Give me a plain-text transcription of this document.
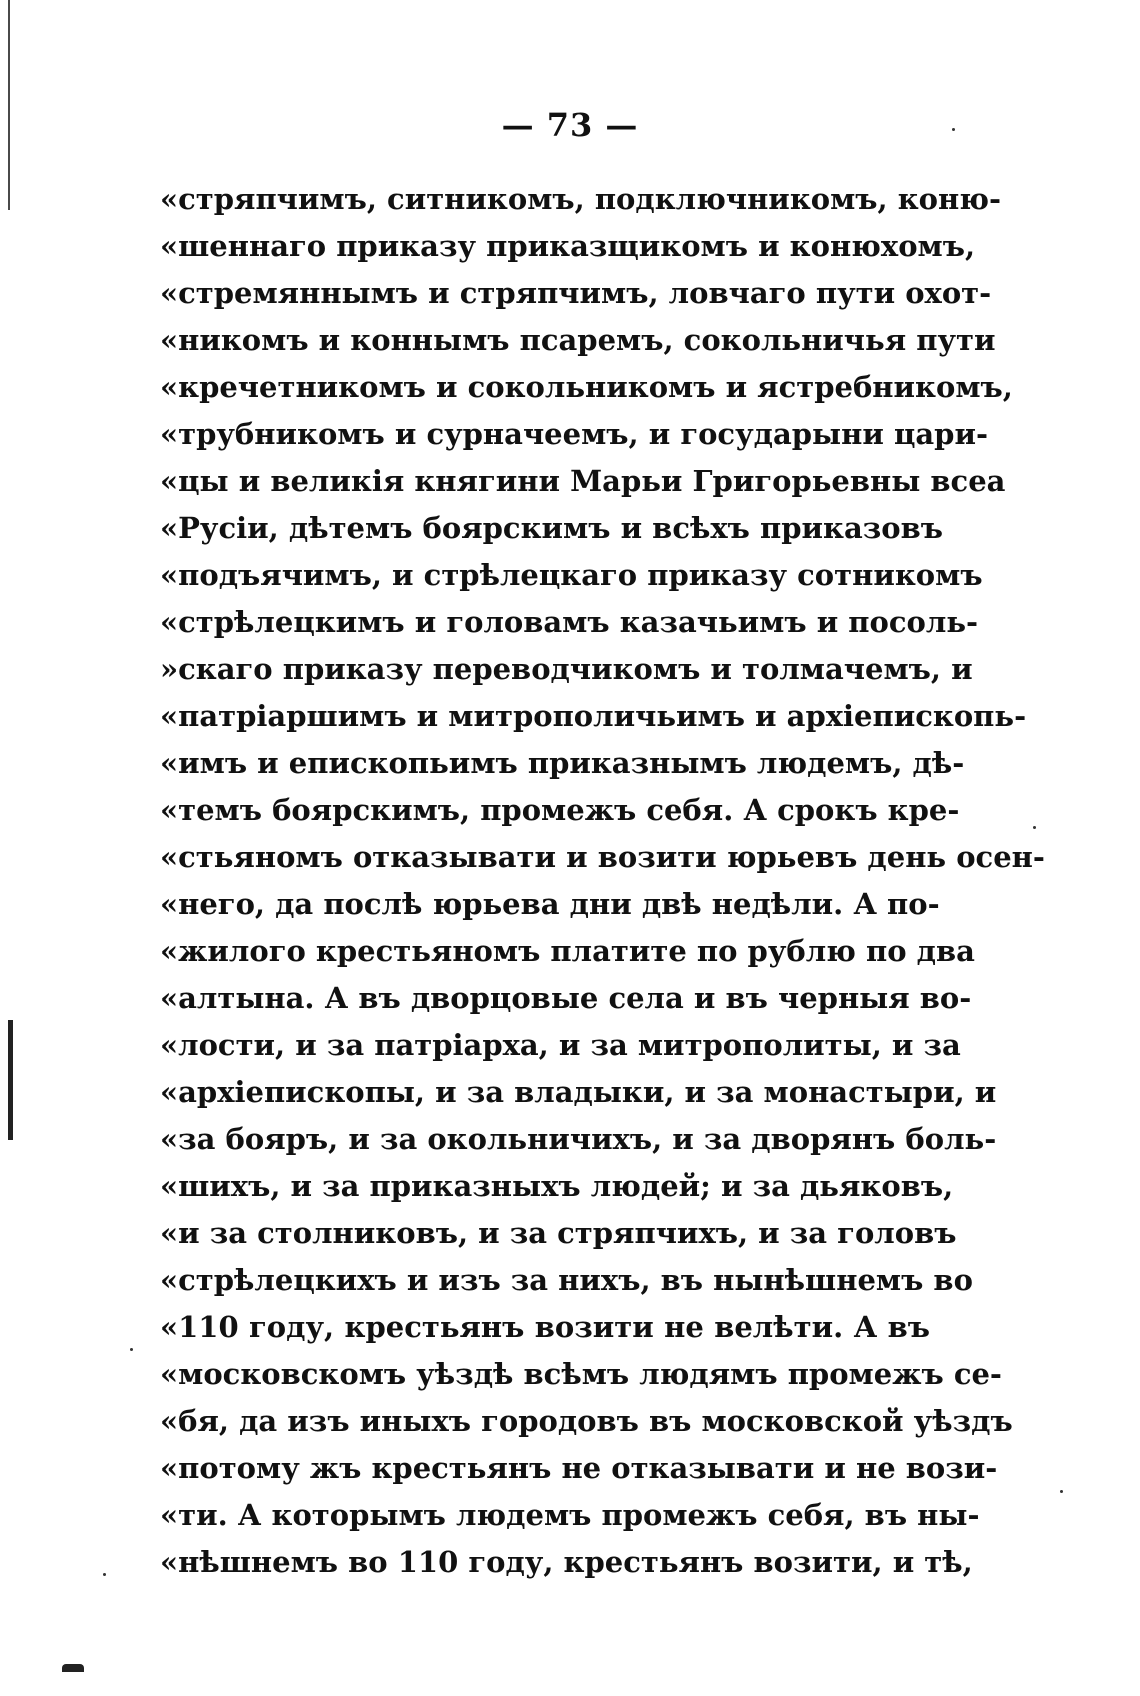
— 73 —
«стряпчимъ, ситникомъ, подключникомъ, коню-
«шеннаго приказу приказщикомъ и конюхомъ,
«стремяннымъ и стряпчимъ, ловчаго пути охот-
«никомъ и коннымъ псаремъ, сокольничья пути
«кречетникомъ и сокольникомъ и ястребникомъ,
«трубникомъ и сурначеемъ, и государыни цари-
«цы и великія княгини Марьи Григорьевны всеа
«Русіи, дѣтемъ боярскимъ и всѣхъ приказовъ
«подъячимъ, и стрѣлецкаго приказу сотникомъ
«стрѣлецкимъ и головамъ казачьимъ и посоль-
»скаго приказу переводчикомъ и толмачемъ, и
«патріаршимъ и митрополичьимъ и архіепископь-
«имъ и епископьимъ приказнымъ людемъ, дѣ-
«темъ боярскимъ, промежъ себя. А срокъ кре-
«стьяномъ отказывати и возити юрьевъ день осен-
«него, да послѣ юрьева дни двѣ недѣли. А по-
«жилого крестьяномъ платите по рублю по два
«алтына. А въ дворцовые села и въ черныя во-
«лости, и за патріарха, и за митрополиты, и за
«архіепископы, и за владыки, и за монастыри, и
«за бояръ, и за окольничихъ, и за дворянъ боль-
«шихъ, и за приказныхъ людей; и за дьяковъ,
«и за столниковъ, и за стряпчихъ, и за головъ
«стрѣлецкихъ и изъ за нихъ, въ нынѣшнемъ во
«110 году, крестьянъ возити не велѣти. А въ
«московскомъ уѣздѣ всѣмъ людямъ промежъ се-
«бя, да изъ иныхъ городовъ въ московской уѣздъ
«потому жъ крестьянъ не отказывати и не вози-
«ти. А которымъ людемъ промежъ себя, въ ны-
«нѣшнемъ во 110 году, крестьянъ возити, и тѣ,
